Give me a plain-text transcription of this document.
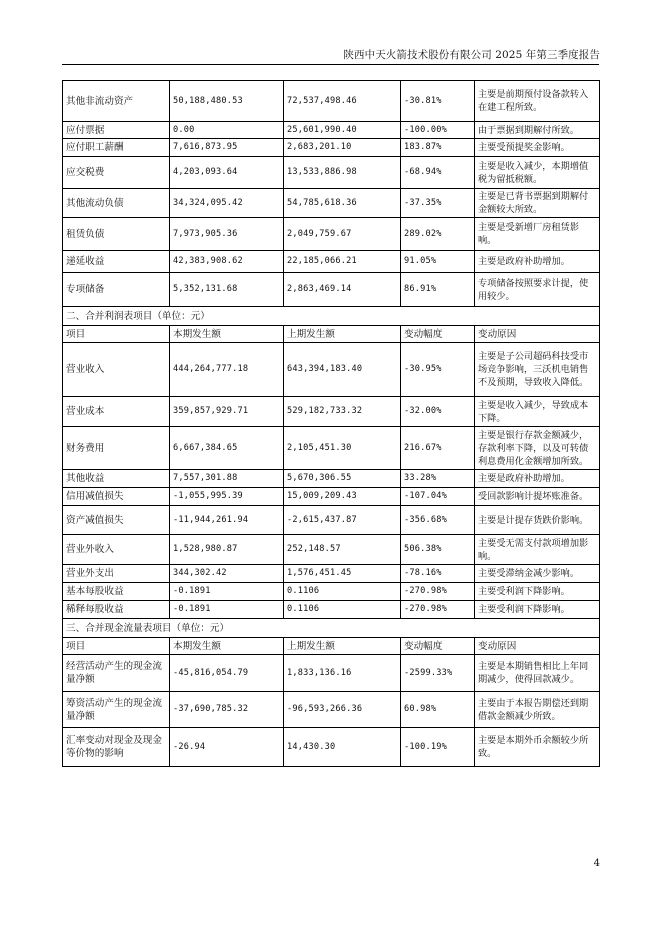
陕西中天火箭技术股份有限公司 2025 年第三季度报告
其他非流动资产	50,188,480.53	72,537,498.46	-30.81%	主要是前期预付设备款转入在建工程所致。
应付票据	0.00	25,601,990.40	-100.00%	由于票据到期解付所致。
应付职工薪酬	7,616,873.95	2,683,201.10	183.87%	主要受预提奖金影响。
应交税费	4,203,093.64	13,533,886.98	-68.94%	主要是收入减少，本期增值税为留抵税额。
其他流动负债	34,324,095.42	54,785,618.36	-37.35%	主要是已背书票据到期解付金额较大所致。
租赁负债	7,973,905.36	2,049,759.67	289.02%	主要是受新增厂房租赁影响。
递延收益	42,383,908.62	22,185,066.21	91.05%	主要是政府补助增加。
专项储备	5,352,131.68	2,863,469.14	86.91%	专项储备按照要求计提，使用较少。
二、合并利润表项目（单位：元）				
项目	本期发生额	上期发生额	变动幅度	变动原因
营业收入	444,264,777.18	643,394,183.40	-30.95%	主要是子公司超码科技受市场竞争影响，三沃机电销售不及预期，导致收入降低。
营业成本	359,857,929.71	529,182,733.32	-32.00%	主要是收入减少，导致成本下降。
财务费用	6,667,384.65	2,105,451.30	216.67%	主要是银行存款金额减少，存款利率下降，以及可转债利息费用化金额增加所致。
其他收益	7,557,301.88	5,670,306.55	33.28%	主要是政府补助增加。
信用减值损失	-1,055,995.39	15,009,209.43	-107.04%	受回款影响计提坏账准备。
资产减值损失	-11,944,261.94	-2,615,437.87	-356.68%	主要是计提存货跌价影响。
营业外收入	1,528,980.87	252,148.57	506.38%	主要受无需支付款项增加影响。
营业外支出	344,302.42	1,576,451.45	-78.16%	主要受滞纳金减少影响。
基本每股收益	-0.1891	0.1106	-270.98%	主要受利润下降影响。
稀释每股收益	-0.1891	0.1106	-270.98%	主要受利润下降影响。
三、合并现金流量表项目（单位：元）				
项目	本期发生额	上期发生额	变动幅度	变动原因
经营活动产生的现金流量净额	-45,816,054.79	1,833,136.16	-2599.33%	主要是本期销售相比上年同期减少，使得回款减少。
筹资活动产生的现金流量净额	-37,690,785.32	-96,593,266.36	60.98%	主要由于本报告期偿还到期借款金额减少所致。
汇率变动对现金及现金等价物的影响	-26.94	14,430.30	-100.19%	主要是本期外币余额较少所致。
4
